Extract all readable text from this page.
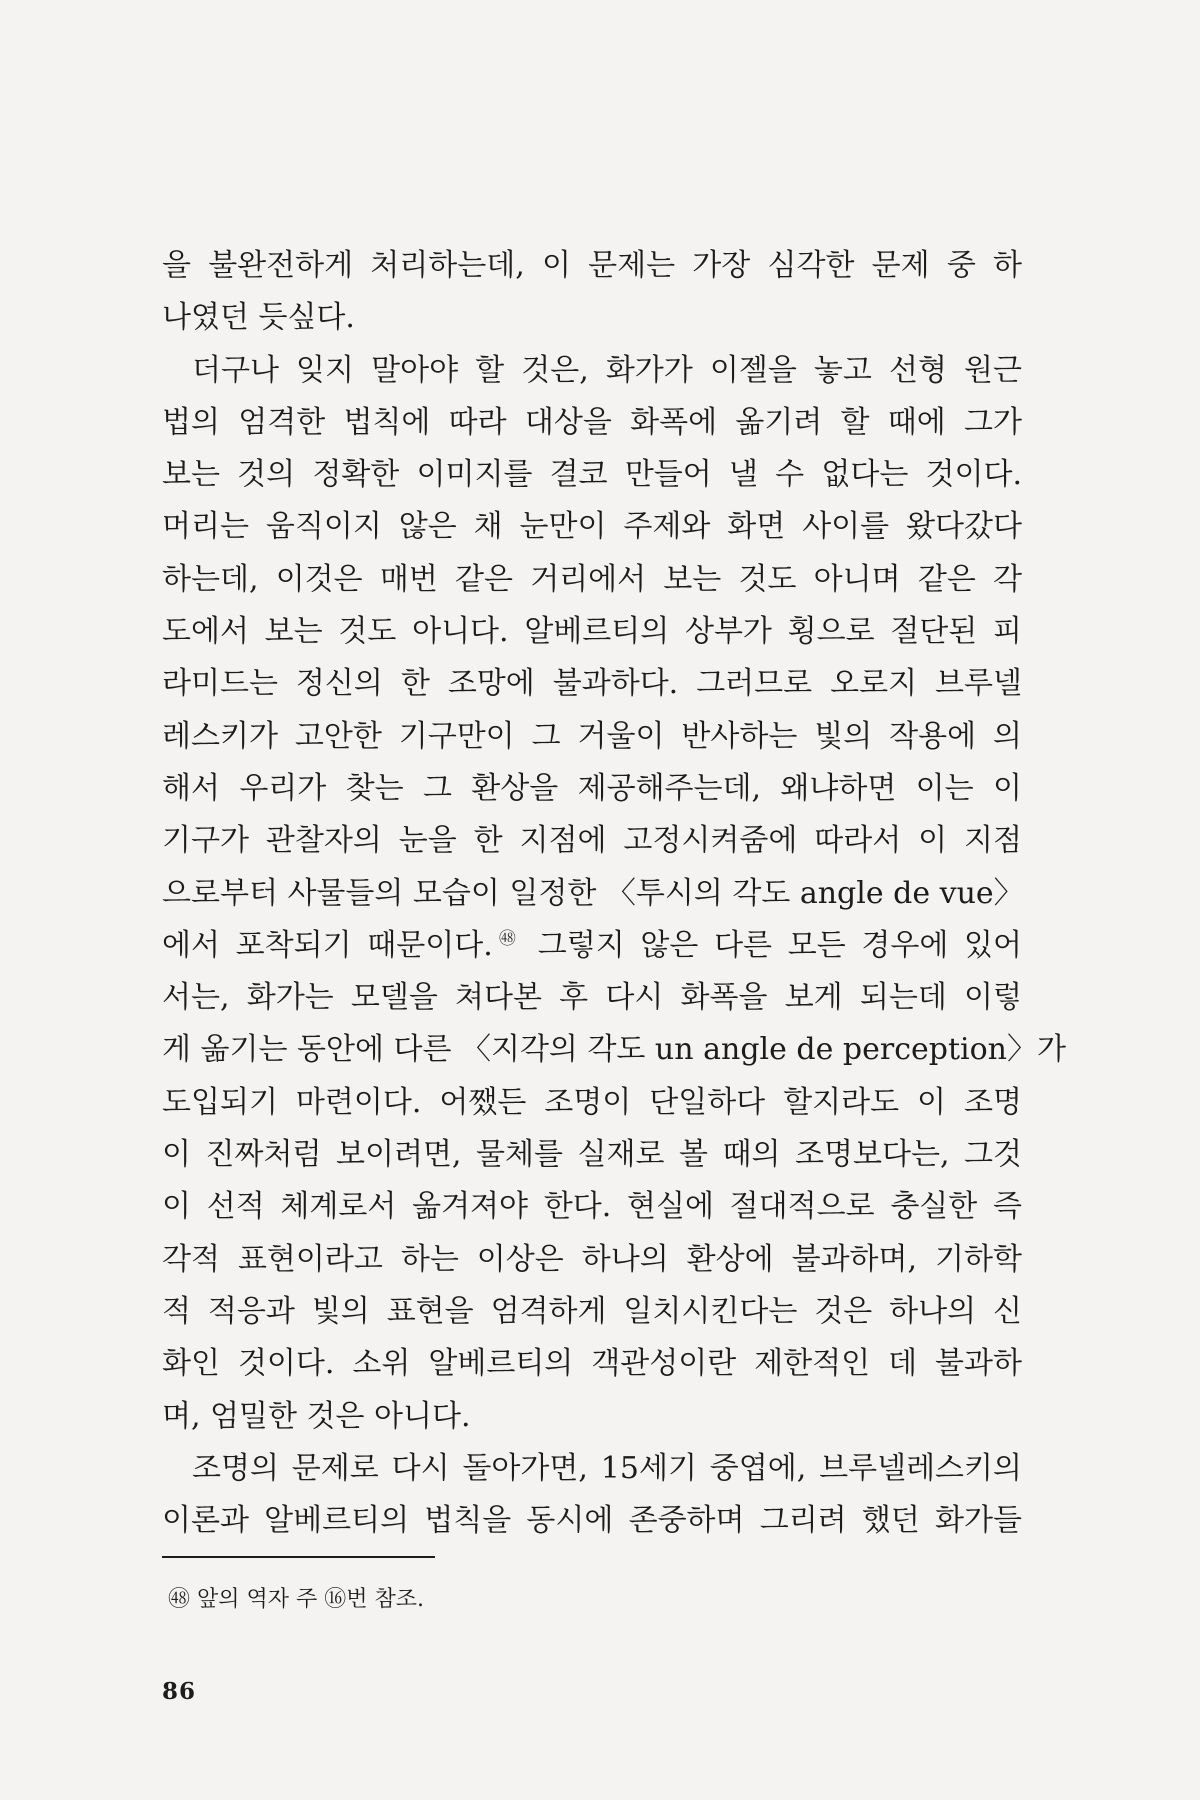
을 불완전하게 처리하는데, 이 문제는 가장 심각한 문제 중 하
나였던 듯싶다.
더구나 잊지 말아야 할 것은, 화가가 이젤을 놓고 선형 원근
법의 엄격한 법칙에 따라 대상을 화폭에 옮기려 할 때에 그가
보는 것의 정확한 이미지를 결코 만들어 낼 수 없다는 것이다.
머리는 움직이지 않은 채 눈만이 주제와 화면 사이를 왔다갔다
하는데, 이것은 매번 같은 거리에서 보는 것도 아니며 같은 각
도에서 보는 것도 아니다. 알베르티의 상부가 횡으로 절단된 피
라미드는 정신의 한 조망에 불과하다. 그러므로 오로지 브루넬
레스키가 고안한 기구만이 그 거울이 반사하는 빛의 작용에 의
해서 우리가 찾는 그 환상을 제공해주는데, 왜냐하면 이는 이
기구가 관찰자의 눈을 한 지점에 고정시켜줌에 따라서 이 지점
으로부터 사물들의 모습이 일정한 〈투시의 각도 angle de vue〉
에서 포착되기 때문이다.$^㊽$ 그렇지 않은 다른 모든 경우에 있어
서는, 화가는 모델을 쳐다본 후 다시 화폭을 보게 되는데 이렇
게 옮기는 동안에 다른 〈지각의 각도 un angle de perception〉가
도입되기 마련이다. 어쨌든 조명이 단일하다 할지라도 이 조명
이 진짜처럼 보이려면, 물체를 실재로 볼 때의 조명보다는, 그것
이 선적 체계로서 옮겨져야 한다. 현실에 절대적으로 충실한 즉
각적 표현이라고 하는 이상은 하나의 환상에 불과하며, 기하학
적 적응과 빛의 표현을 엄격하게 일치시킨다는 것은 하나의 신
화인 것이다. 소위 알베르티의 객관성이란 제한적인 데 불과하
며, 엄밀한 것은 아니다.
조명의 문제로 다시 돌아가면, 15세기 중엽에, 브루넬레스키의
이론과 알베르티의 법칙을 동시에 존중하며 그리려 했던 화가들
㊽ 앞의 역자 주 ⑯번 참조.
86
